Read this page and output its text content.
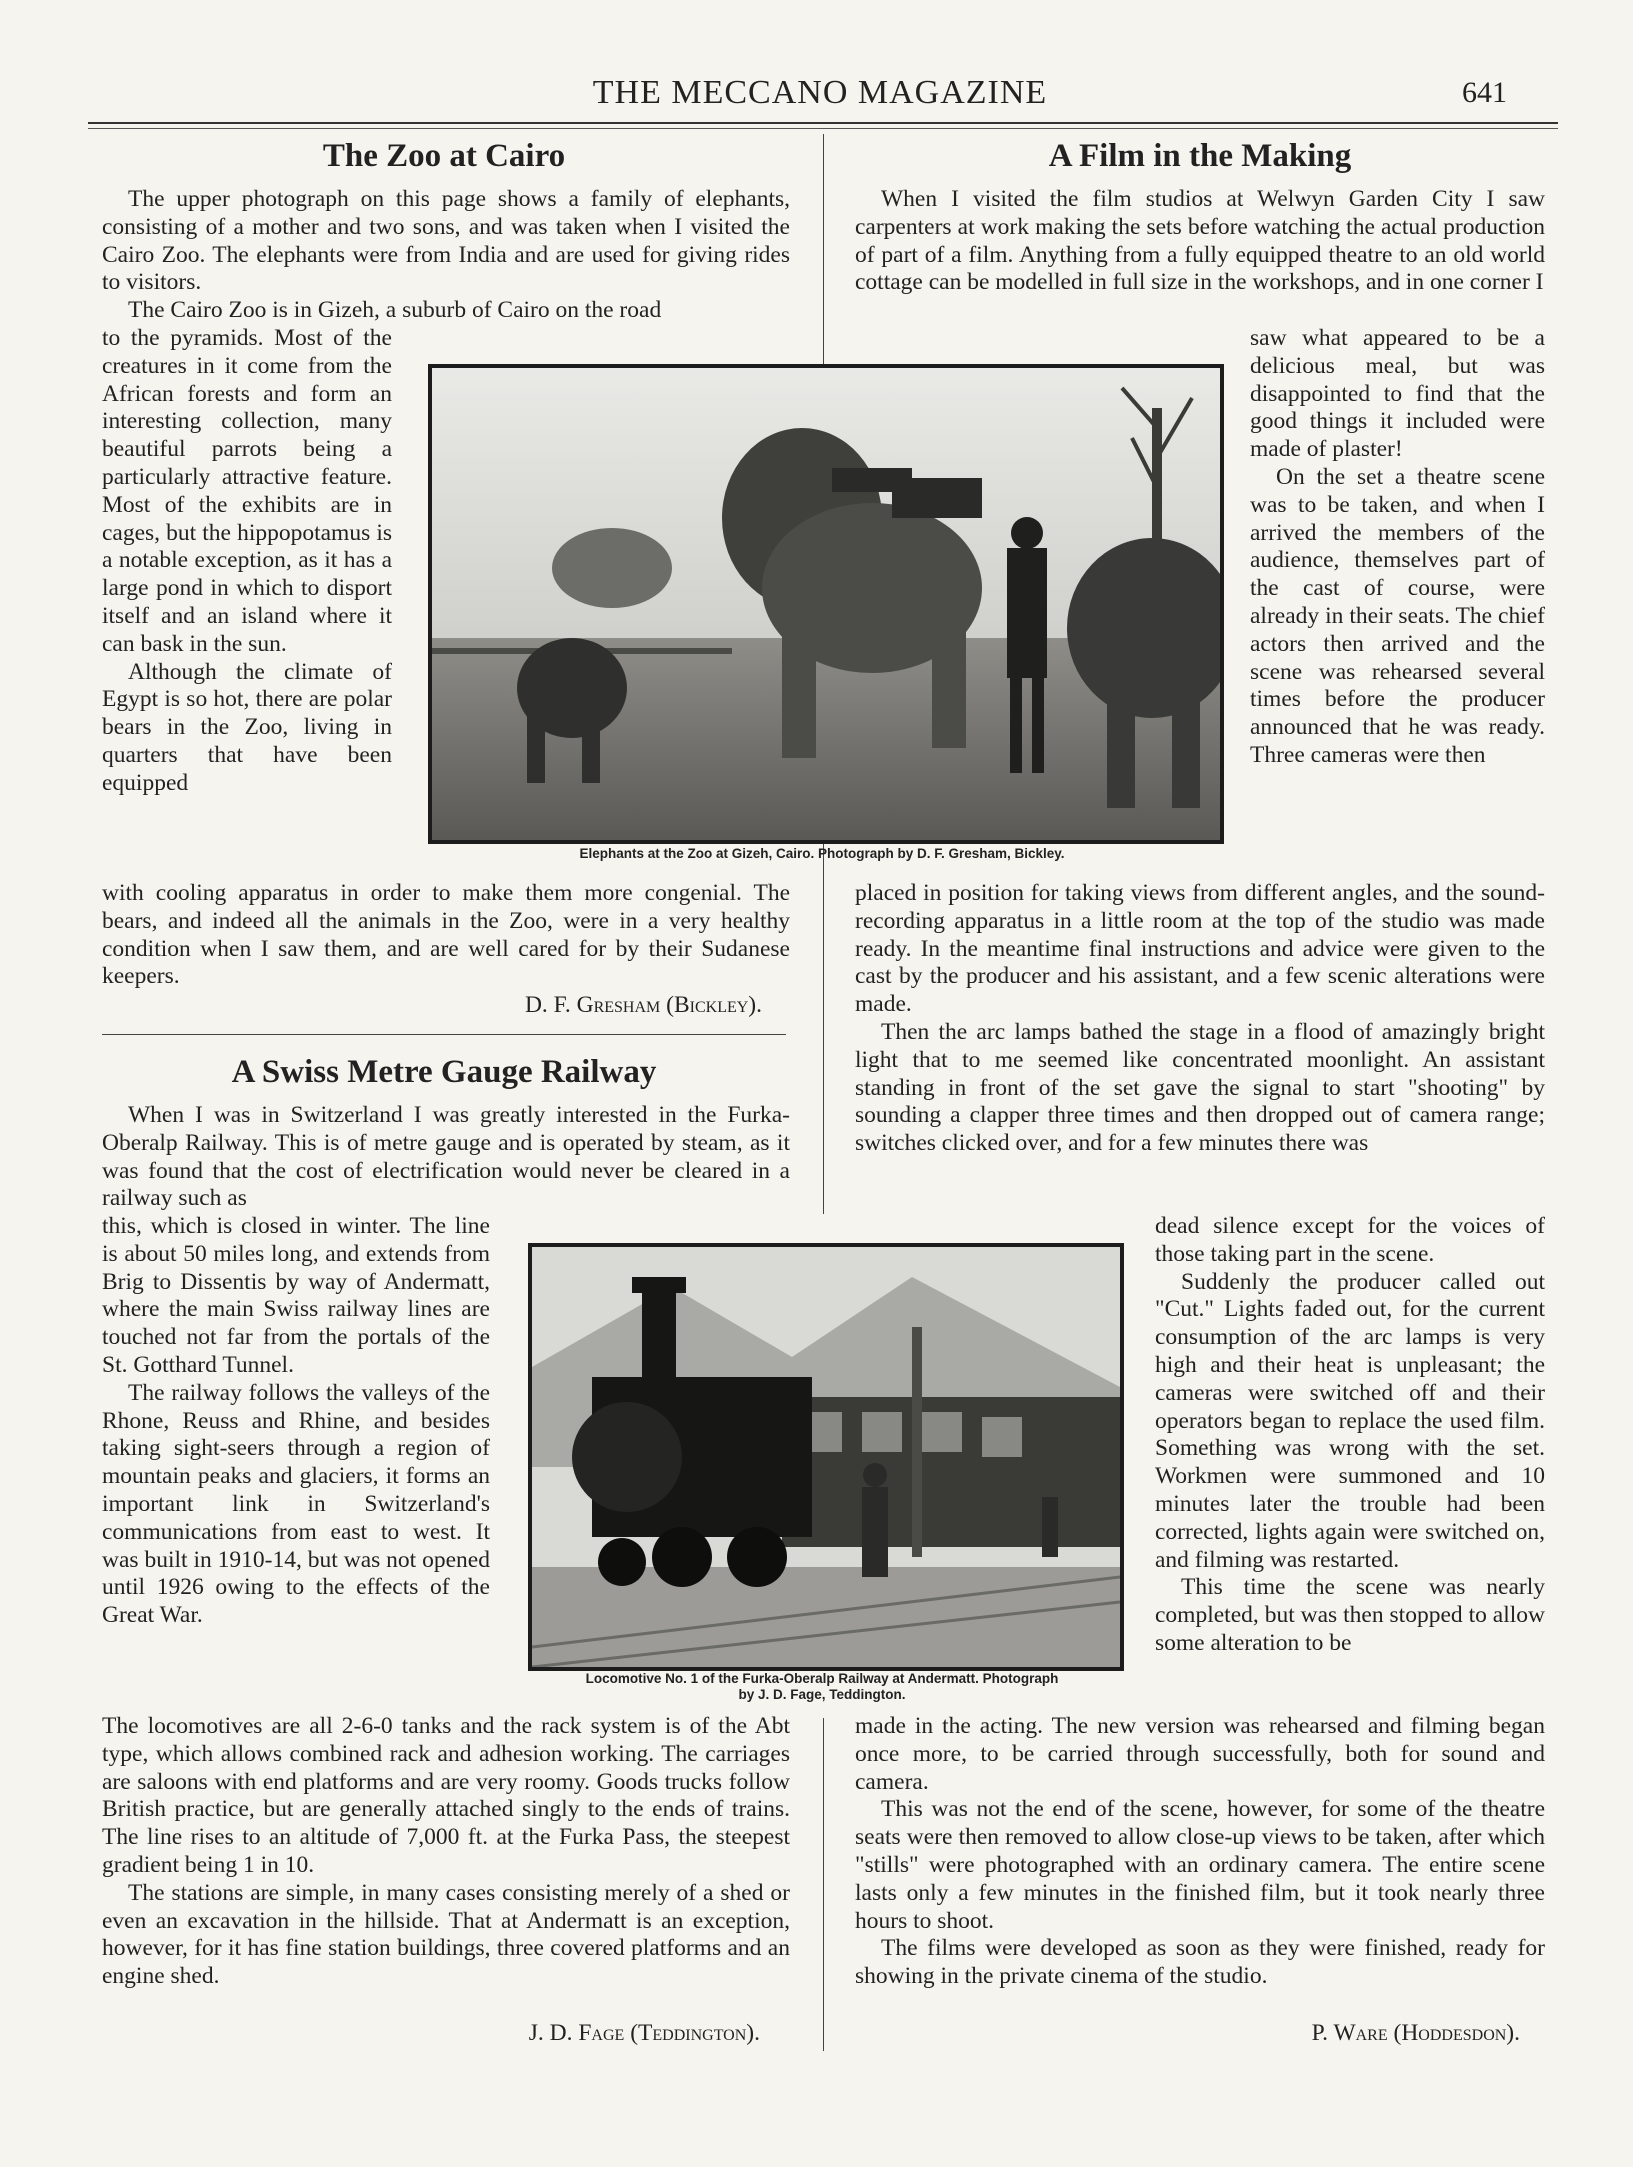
THE MECCANO MAGAZINE	641
The Zoo at Cairo

The upper photograph on this page shows a family of elephants, consisting of a mother and two sons, and was taken when I visited the Cairo Zoo. The elephants were from India and are used for giving rides to visitors.

The Cairo Zoo is in Gizeh, a suburb of Cairo on the road

to the pyramids. Most of the creatures in it come from the African forests and form an interesting collection, many beautiful parrots being a particularly attractive feature. Most of the exhibits are in cages, but the hippopotamus is a notable exception, as it has a large pond in which to disport itself and an island where it can bask in the sun.

Although the climate of Egypt is so hot, there are polar bears in the Zoo, living in quarters that have been equipped

with cooling apparatus in order to make them more congenial. The bears, and indeed all the animals in the Zoo, were in a very healthy condition when I saw them, and are well cared for by their Sudanese keepers.

D. F. Gresham (Bickley).
Elephants at the Zoo at Gizeh, Cairo. Photograph by D. F. Gresham, Bickley.
A Swiss Metre Gauge Railway

When I was in Switzerland I was greatly interested in the Furka-Oberalp Railway. This is of metre gauge and is operated by steam, as it was found that the cost of electrification would never be cleared in a railway such as

this, which is closed in winter. The line is about 50 miles long, and extends from Brig to Dissentis by way of Andermatt, where the main Swiss railway lines are touched not far from the portals of the St. Gotthard Tunnel.

The railway follows the valleys of the Rhone, Reuss and Rhine, and besides taking sight-seers through a region of mountain peaks and glaciers, it forms an important link in Switzerland's communications from east to west. It was built in 1910-14, but was not opened until 1926 owing to the effects of the Great War.

The locomotives are all 2-6-0 tanks and the rack system is of the Abt type, which allows combined rack and adhesion working. The carriages are saloons with end platforms and are very roomy. Goods trucks follow British practice, but are generally attached singly to the ends of trains. The line rises to an altitude of 7,000 ft. at the Furka Pass, the steepest gradient being 1 in 10.

The stations are simple, in many cases consisting merely of a shed or even an excavation in the hillside. That at Andermatt is an exception, however, for it has fine station buildings, three covered platforms and an engine shed.

J. D. Fage (Teddington).
Locomotive No. 1 of the Furka-Oberalp Railway at Andermatt. Photograph
by J. D. Fage, Teddington.
A Film in the Making

When I visited the film studios at Welwyn Garden City I saw carpenters at work making the sets before watching the actual production of part of a film. Anything from a fully equipped theatre to an old world cottage can be modelled in full size in the workshops, and in one corner I

saw what appeared to be a delicious meal, but was disappointed to find that the good things it included were made of plaster!

On the set a theatre scene was to be taken, and when I arrived the members of the audience, themselves part of the cast of course, were already in their seats. The chief actors then arrived and the scene was rehearsed several times before the producer announced that he was ready. Three cameras were then

placed in position for taking views from different angles, and the sound-recording apparatus in a little room at the top of the studio was made ready. In the meantime final instructions and advice were given to the cast by the producer and his assistant, and a few scenic alterations were made.

Then the arc lamps bathed the stage in a flood of amazingly bright light that to me seemed like concentrated moonlight. An assistant standing in front of the set gave the signal to start "shooting" by sounding a clapper three times and then dropped out of camera range; switches clicked over, and for a few minutes there was

dead silence except for the voices of those taking part in the scene.

Suddenly the producer called out "Cut." Lights faded out, for the current consumption of the arc lamps is very high and their heat is unpleasant; the cameras were switched off and their operators began to replace the used film. Something was wrong with the set. Workmen were summoned and 10 minutes later the trouble had been corrected, lights again were switched on, and filming was restarted.

This time the scene was nearly completed, but was then stopped to allow some alteration to be

made in the acting. The new version was rehearsed and filming began once more, to be carried through successfully, both for sound and camera.

This was not the end of the scene, however, for some of the theatre seats were then removed to allow close-up views to be taken, after which "stills" were photographed with an ordinary camera. The entire scene lasts only a few minutes in the finished film, but it took nearly three hours to shoot.

The films were developed as soon as they were finished, ready for showing in the private cinema of the studio.

P. Ware (Hoddesdon).
